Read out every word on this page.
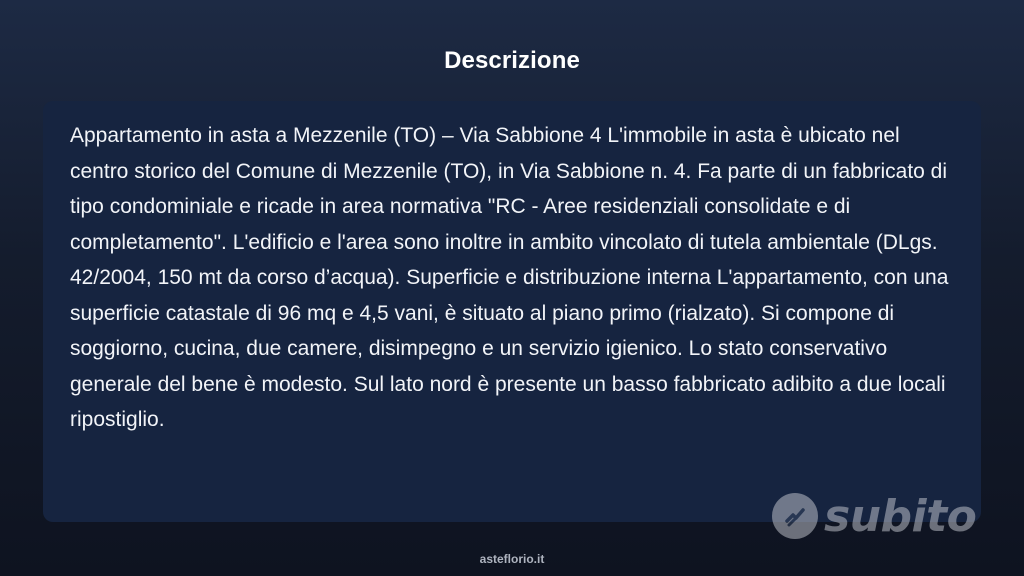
Descrizione

Appartamento in asta a Mezzenile (TO) – Via Sabbione 4 L'immobile in asta è ubicato nel centro storico del Comune di Mezzenile (TO), in Via Sabbione n. 4. Fa parte di un fabbricato di tipo condominiale e ricade in area normativa "RC - Aree residenziali consolidate e di completamento". L'edificio e l'area sono inoltre in ambito vincolato di tutela ambientale (DLgs. 42/2004, 150 mt da corso d’acqua). Superficie e distribuzione interna L'appartamento, con una superficie catastale di 96 mq e 4,5 vani, è situato al piano primo (rialzato). Si compone di soggiorno, cucina, due camere, disimpegno e un servizio igienico. Lo stato conservativo generale del bene è modesto. Sul lato nord è presente un basso fabbricato adibito a due locali ripostiglio.

subito
asteflorio.it
